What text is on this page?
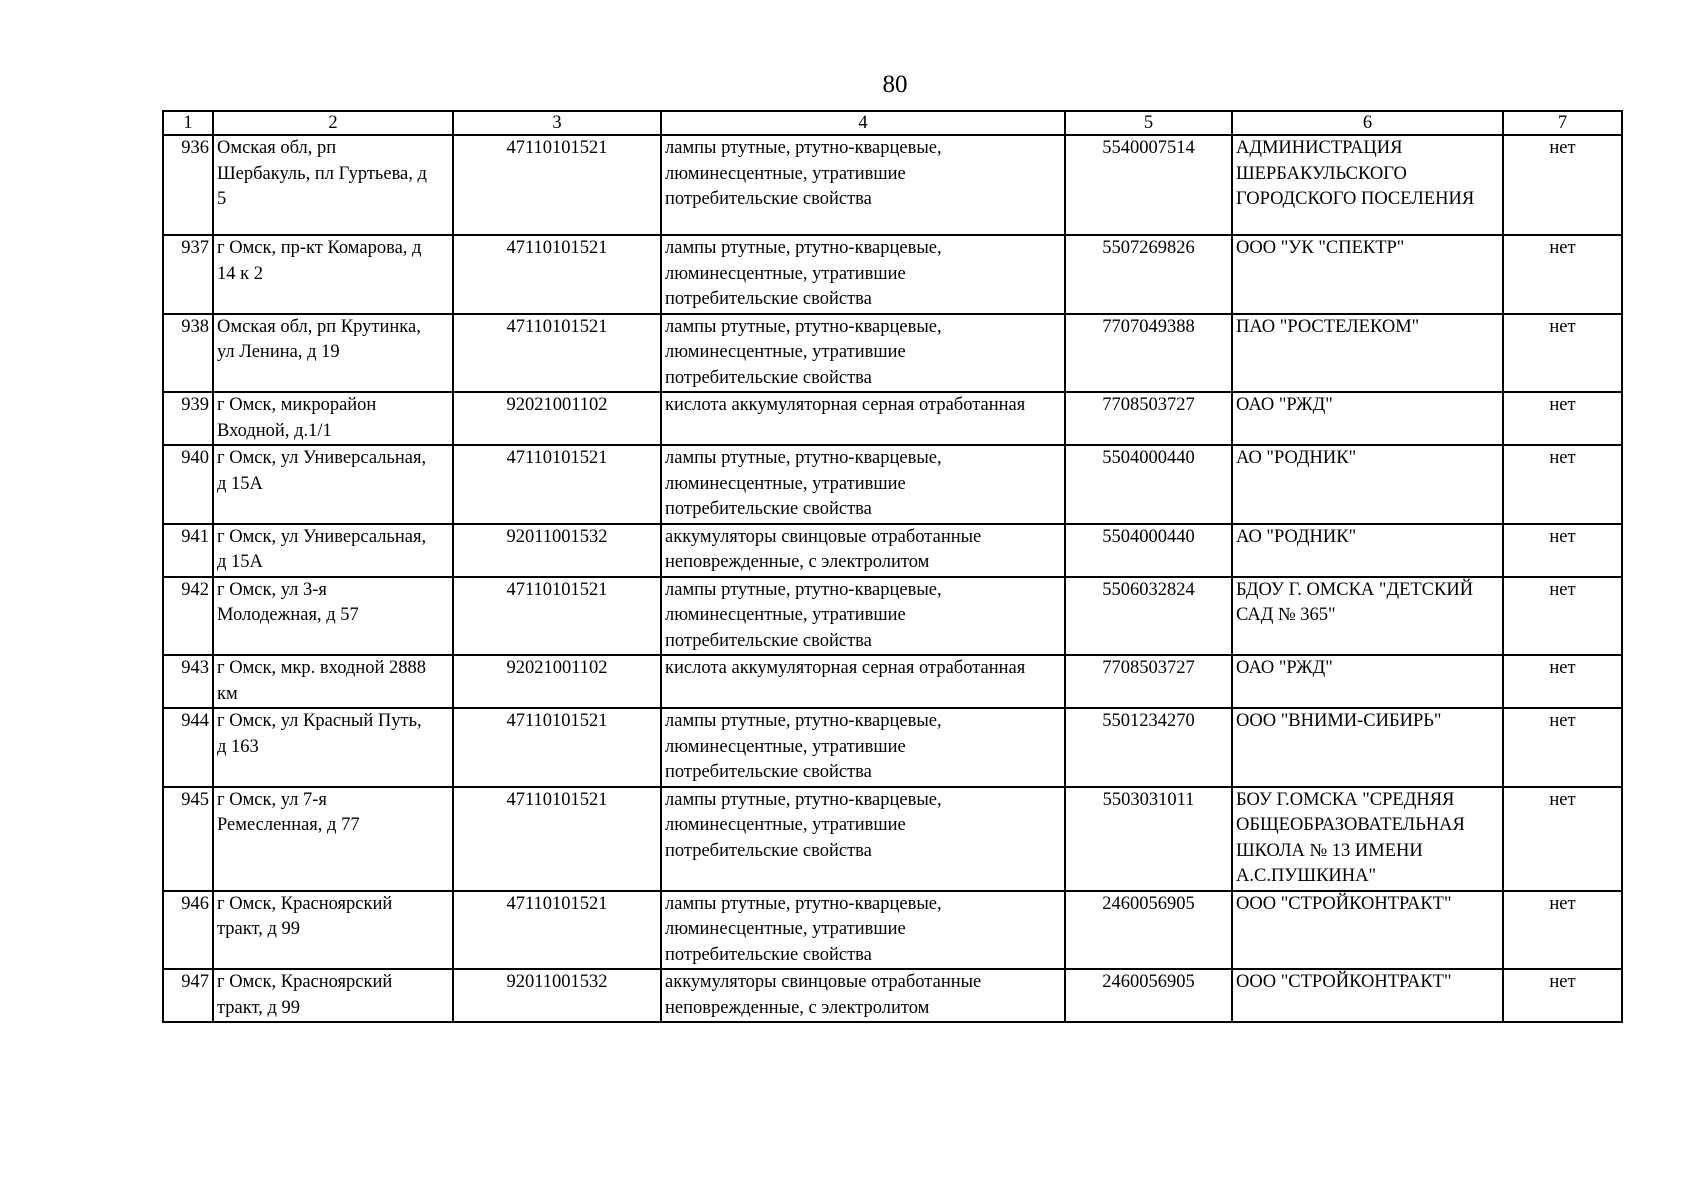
80
1	2	3	4	5	6	7
936	Омская обл, рп
Шербакуль, пл Гуртьева, д
5	47110101521	лампы ртутные, ртутно-кварцевые,
люминесцентные, утратившие
потребительские свойства	5540007514	АДМИНИСТРАЦИЯ
ШЕРБАКУЛЬСКОГО
ГОРОДСКОГО ПОСЕЛЕНИЯ	нет
937	г Омск, пр-кт Комарова, д
14 к 2	47110101521	лампы ртутные, ртутно-кварцевые,
люминесцентные, утратившие
потребительские свойства	5507269826	ООО "УК "СПЕКТР"	нет
938	Омская обл, рп Крутинка,
ул Ленина, д 19	47110101521	лампы ртутные, ртутно-кварцевые,
люминесцентные, утратившие
потребительские свойства	7707049388	ПАО "РОСТЕЛЕКОМ"	нет
939	г Омск, микрорайон
Входной, д.1/1	92021001102	кислота аккумуляторная серная отработанная	7708503727	ОАО "РЖД"	нет
940	г Омск, ул Универсальная,
д 15А	47110101521	лампы ртутные, ртутно-кварцевые,
люминесцентные, утратившие
потребительские свойства	5504000440	АО "РОДНИК"	нет
941	г Омск, ул Универсальная,
д 15А	92011001532	аккумуляторы свинцовые отработанные
неповрежденные, с электролитом	5504000440	АО "РОДНИК"	нет
942	г Омск, ул 3-я
Молодежная, д 57	47110101521	лампы ртутные, ртутно-кварцевые,
люминесцентные, утратившие
потребительские свойства	5506032824	БДОУ Г. ОМСКА "ДЕТСКИЙ
САД № 365"	нет
943	г Омск, мкр. входной 2888
км	92021001102	кислота аккумуляторная серная отработанная	7708503727	ОАО "РЖД"	нет
944	г Омск, ул Красный Путь,
д 163	47110101521	лампы ртутные, ртутно-кварцевые,
люминесцентные, утратившие
потребительские свойства	5501234270	ООО "ВНИМИ-СИБИРЬ"	нет
945	г Омск, ул 7-я
Ремесленная, д 77	47110101521	лампы ртутные, ртутно-кварцевые,
люминесцентные, утратившие
потребительские свойства	5503031011	БОУ Г.ОМСКА "СРЕДНЯЯ
ОБЩЕОБРАЗОВАТЕЛЬНАЯ
ШКОЛА № 13 ИМЕНИ
А.С.ПУШКИНА"	нет
946	г Омск, Красноярский
тракт, д 99	47110101521	лампы ртутные, ртутно-кварцевые,
люминесцентные, утратившие
потребительские свойства	2460056905	ООО "СТРОЙКОНТРАКТ"	нет
947	г Омск, Красноярский
тракт, д 99	92011001532	аккумуляторы свинцовые отработанные
неповрежденные, с электролитом	2460056905	ООО "СТРОЙКОНТРАКТ"	нет
